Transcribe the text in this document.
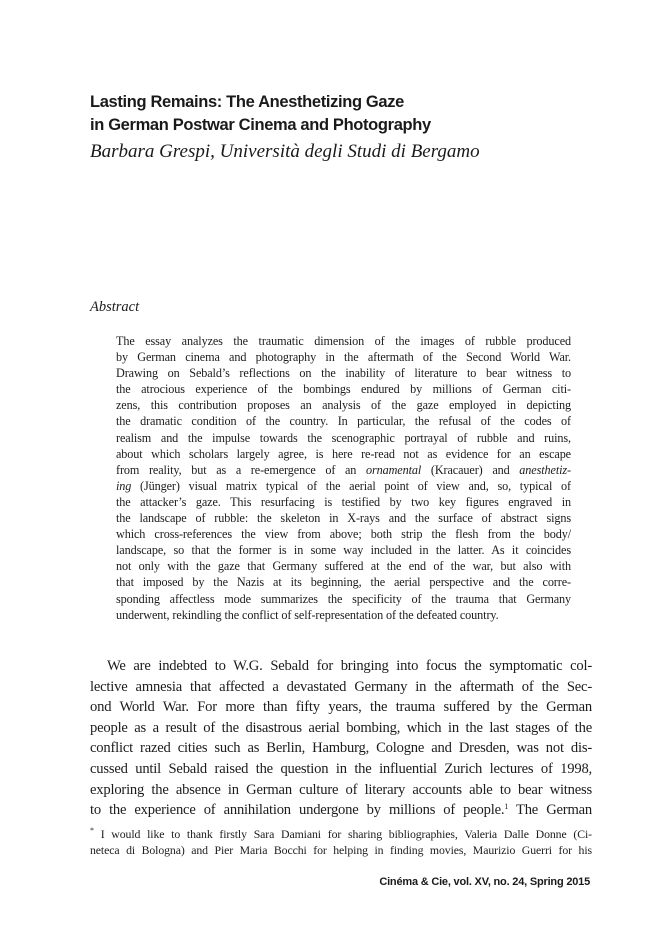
Lasting Remains: The Anesthetizing Gaze
in German Postwar Cinema and Photography
Barbara Grespi, Università degli Studi di Bergamo
Abstract
The essay analyzes the traumatic dimension of the images of rubble produced
by German cinema and photography in the aftermath of the Second World War.
Drawing on Sebald’s reflections on the inability of literature to bear witness to
the atrocious experience of the bombings endured by millions of German citi-
zens, this contribution proposes an analysis of the gaze employed in depicting
the dramatic condition of the country. In particular, the refusal of the codes of
realism and the impulse towards the scenographic portrayal of rubble and ruins,
about which scholars largely agree, is here re-read not as evidence for an escape
from reality, but as a re-emergence of an ornamental (Kracauer) and anesthetiz-
ing (Jünger) visual matrix typical of the aerial point of view and, so, typical of
the attacker’s gaze. This resurfacing is testified by two key figures engraved in
the landscape of rubble: the skeleton in X-rays and the surface of abstract signs
which cross-references the view from above; both strip the flesh from the body/
landscape, so that the former is in some way included in the latter. As it coincides
not only with the gaze that Germany suffered at the end of the war, but also with
that imposed by the Nazis at its beginning, the aerial perspective and the corre-
sponding affectless mode summarizes the specificity of the trauma that Germany
underwent, rekindling the conflict of self-representation of the defeated country.
We are indebted to W.G. Sebald for bringing into focus the symptomatic col-
lective amnesia that affected a devastated Germany in the aftermath of the Sec-
ond World War. For more than fifty years, the trauma suffered by the German
people as a result of the disastrous aerial bombing, which in the last stages of the
conflict razed cities such as Berlin, Hamburg, Cologne and Dresden, was not dis-
cussed until Sebald raised the question in the influential Zurich lectures of 1998,
exploring the absence in German culture of literary accounts able to bear witness
to the experience of annihilation undergone by millions of people.$^1$ The German
* I would like to thank firstly Sara Damiani for sharing bibliographies, Valeria Dalle Donne (Ci-
neteca di Bologna) and Pier Maria Bocchi for helping in finding movies, Maurizio Guerri for his
Cinéma & Cie, vol. XV, no. 24, Spring 2015
